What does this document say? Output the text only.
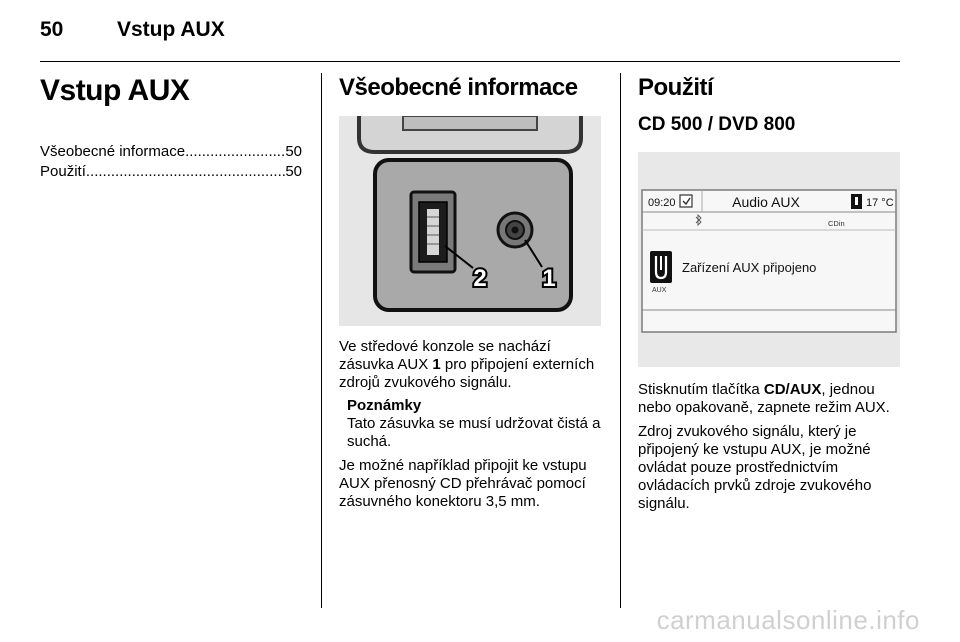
50	Vstup AUX
Vstup AUX
Všeobecné informace .....	50
Použití .....	50
Všeobecné informace
1
2

Ve středové konzole se nachází zásuvka AUX 1 pro připojení externích zdrojů zvukového signálu.

Poznámky
Tato zásuvka se musí udržovat čistá a suchá.

Je možné například připojit ke vstupu AUX přenosný CD přehrávač pomocí zásuvného konektoru 3,5 mm.

Použití
CD 500 / DVD 800
09:20	Audio AUX	17 °C
CDin
AUX
Zařízení AUX připojeno

Stisknutím tlačítka CD/AUX, jednou nebo opakovaně, zapnete režim AUX.

Zdroj zvukového signálu, který je připojený ke vstupu AUX, je možné ovládat pouze prostřednictvím ovládacích prvků zdroje zvukového signálu.

carmanualsonline.info
